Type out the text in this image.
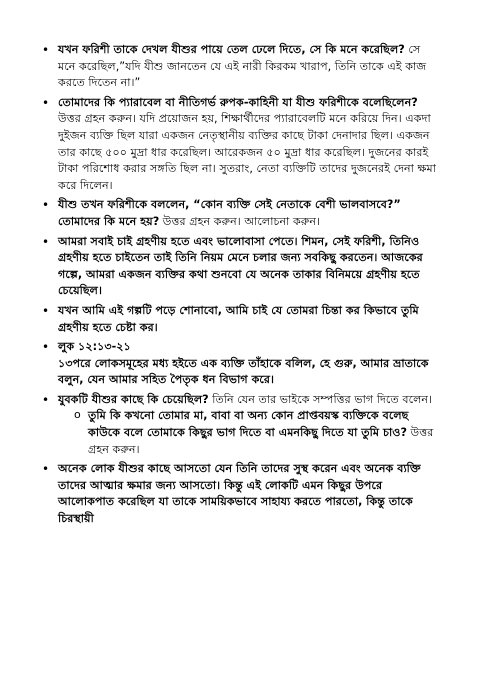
• যখন ফরিশী তাকে দেখল যীশুর পায়ে তেল ঢেলে দিতে, সে কি মনে করেছিল? সে মনে করেছিল,”যদি যীশু জানতেন যে এই নারী কিরকম খারাপ, তিনি তাকে এই কাজ করতে দিতেন না।”
• তোমাদের কি প্যারাবেল বা নীতিগর্ভ রুপক-কাহিনী যা যীশু ফরিশীকে বলেছিলেন? উত্তর গ্রহন করুন। যদি প্রয়োজন হয়, শিক্ষার্থীদের প্যারাবেলটি মনে করিয়ে দিন। একদা দুইজন ব্যক্তি ছিল যারা একজন নেতৃস্থানীয় ব্যক্তির কাছে টাকা দেনাদার ছিল। একজন তার কাছে ৫০০ মুদ্রা ধার করেছিল। আরেকজন ৫০ মুদ্রা ধার করেছিল। দুজনের কারই টাকা পরিশোধ করার সঙ্গতি ছিল না। সুতরাং, নেতা ব্যক্তিটি তাদের দুজনেরই দেনা ক্ষমা করে দিলেন।
• যীশু তখন ফরিশীকে বললেন, “কোন ব্যক্তি সেই নেতাকে বেশী ভালবাসবে?” তোমাদের কি মনে হয়? উত্তর গ্রহন করুন। আলোচনা করুন।
• আমরা সবাই চাই গ্রহণীয় হতে এবং ভালোবাসা পেতে। শিমন, সেই ফরিশী, তিনিও গ্রহণীয় হতে চাইতেন তাই তিনি নিয়ম মেনে চলার জন্য সবকিছু করতেন। আজকের গল্পে, আমরা একজন ব্যক্তির কথা শুনবো যে অনেক তাকার বিনিময়ে গ্রহণীয় হতে চেয়েছিল।
• যখন আমি এই গল্পটি পড়ে শোনাবো, আমি চাই যে তোমরা চিন্তা কর কিভাবে তুমি গ্রহণীয় হতে চেষ্টা কর।
• লুক ১২:১৩-২১
১৩পরে লোকসমূহের মধ্য হইতে এক ব্যক্তি তাঁহাকে বলিল, হে গুরু, আমার ভ্রাতাকে বলুন, যেন আমার সহিত পৈতৃক ধন বিভাগ করে।
• যুবকটি যীশুর কাছে কি চেয়েছিল? তিনি যেন তার ভাইকে সম্পত্তির ভাগ দিতে বলেন।
o তুমি কি কখনো তোমার মা, বাবা বা অন্য কোন প্রাপ্তবয়স্ক ব্যক্তিকে বলেছ কাউকে বলে তোমাকে কিছুর ভাগ দিতে বা এমনকিছু দিতে যা তুমি চাও? উত্তর গ্রহন করুন।
• অনেক লোক যীশুর কাছে আসতো যেন তিনি তাদের সুস্থ করেন এবং অনেক ব্যক্তি তাদের আত্মার ক্ষমার জন্য আসতো। কিন্তু এই লোকটি এমন কিছুর উপরে আলোকপাত করেছিল যা তাকে সাময়িকভাবে সাহায্য করতে পারতো, কিন্তু তাকে চিরস্থায়ী
